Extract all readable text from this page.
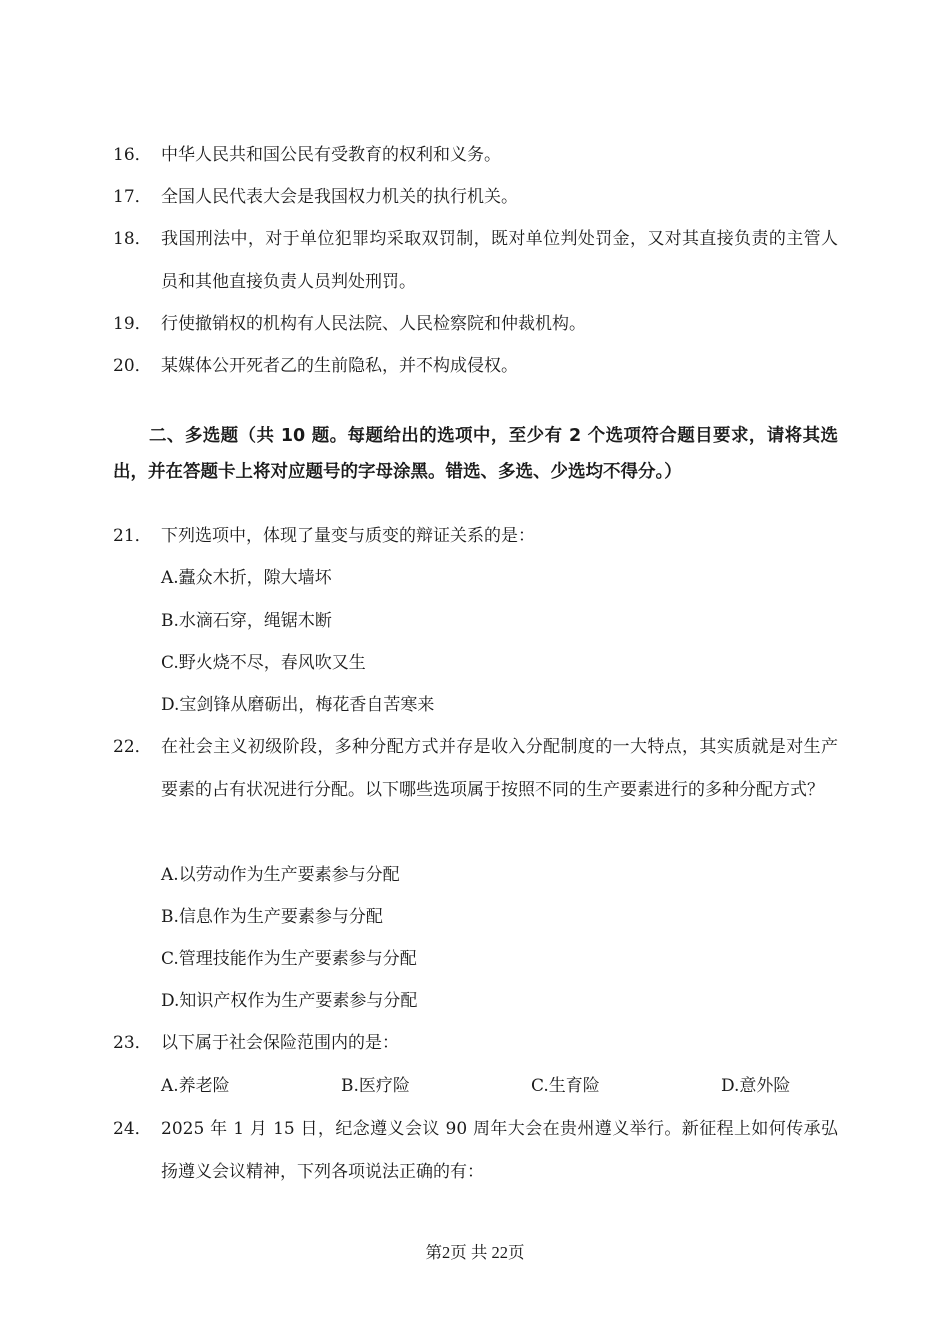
16． 中华人民共和国公民有受教育的权利和义务。
17． 全国人民代表大会是我国权力机关的执行机关。
18． 我国刑法中，对于单位犯罪均采取双罚制，既对单位判处罚金，又对其直接负责的主管人员和其他直接负责人员判处刑罚。
19． 行使撤销权的机构有人民法院、人民检察院和仲裁机构。
20． 某媒体公开死者乙的生前隐私，并不构成侵权。
二、多选题（共 10 题。每题给出的选项中，至少有 2 个选项符合题目要求，请将其选出，并在答题卡上将对应题号的字母涂黑。错选、多选、少选均不得分。）
21． 下列选项中，体现了量变与质变的辩证关系的是：
A.蠹众木折，隙大墙坏
B.水滴石穿，绳锯木断
C.野火烧不尽，春风吹又生
D.宝剑锋从磨砺出，梅花香自苦寒来
22． 在社会主义初级阶段，多种分配方式并存是收入分配制度的一大特点，其实质就是对生产要素的占有状况进行分配。以下哪些选项属于按照不同的生产要素进行的多种分配方式？
A.以劳动作为生产要素参与分配
B.信息作为生产要素参与分配
C.管理技能作为生产要素参与分配
D.知识产权作为生产要素参与分配
23． 以下属于社会保险范围内的是：
A.养老险	B.医疗险	C.生育险	D.意外险
24． 2025 年 1 月 15 日，纪念遵义会议 90 周年大会在贵州遵义举行。新征程上如何传承弘扬遵义会议精神，下列各项说法正确的有：
第2页 共 22页
